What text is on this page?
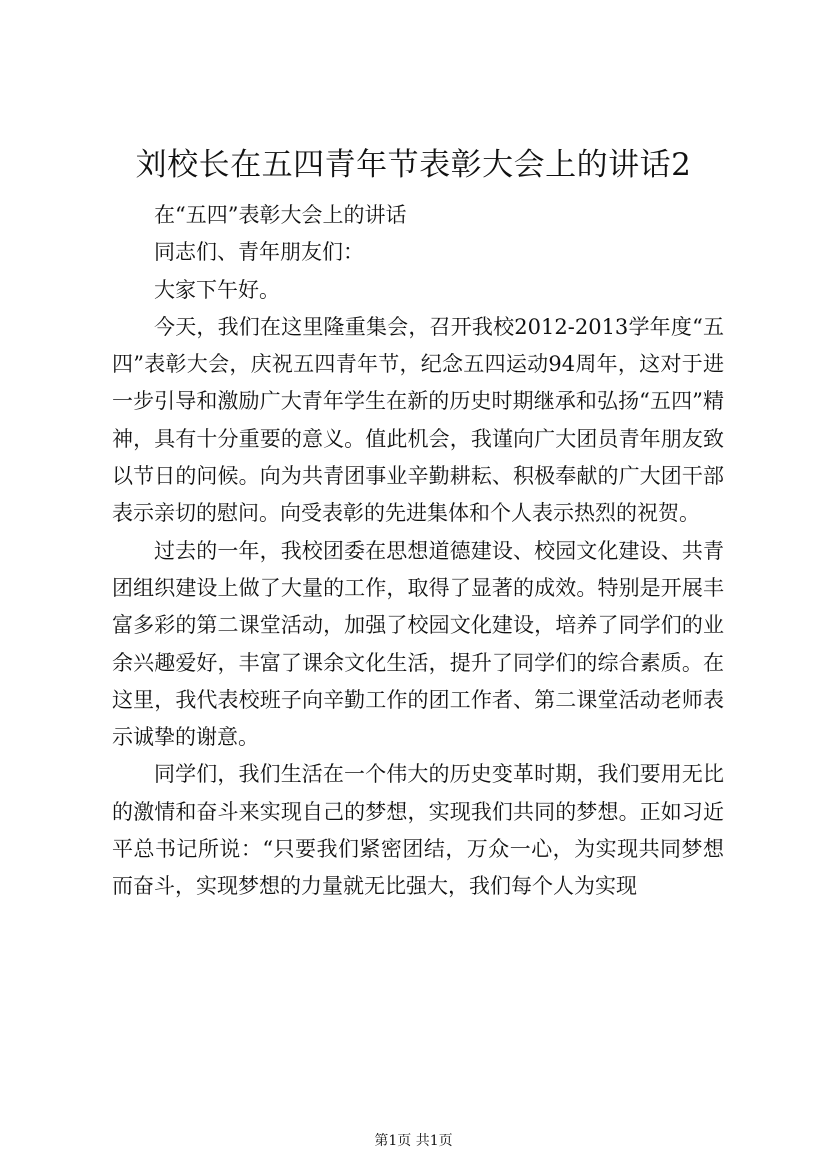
刘校长在五四青年节表彰大会上的讲话2

在“五四”表彰大会上的讲话

同志们、青年朋友们：

大家下午好。

今天，我们在这里隆重集会，召开我校2012-2013学年度“五四”表彰大会，庆祝五四青年节，纪念五四运动94周年，这对于进一步引导和激励广大青年学生在新的历史时期继承和弘扬“五四”精神，具有十分重要的意义。值此机会，我谨向广大团员青年朋友致以节日的问候。向为共青团事业辛勤耕耘、积极奉献的广大团干部表示亲切的慰问。向受表彰的先进集体和个人表示热烈的祝贺。

过去的一年，我校团委在思想道德建设、校园文化建设、共青团组织建设上做了大量的工作，取得了显著的成效。特别是开展丰富多彩的第二课堂活动，加强了校园文化建设，培养了同学们的业余兴趣爱好，丰富了课余文化生活，提升了同学们的综合素质。在这里，我代表校班子向辛勤工作的团工作者、第二课堂活动老师表示诚挚的谢意。

同学们，我们生活在一个伟大的历史变革时期，我们要用无比的激情和奋斗来实现自己的梦想，实现我们共同的梦想。正如习近平总书记所说：“只要我们紧密团结，万众一心，为实现共同梦想而奋斗，实现梦想的力量就无比强大，我们每个人为实现

第1页 共1页
